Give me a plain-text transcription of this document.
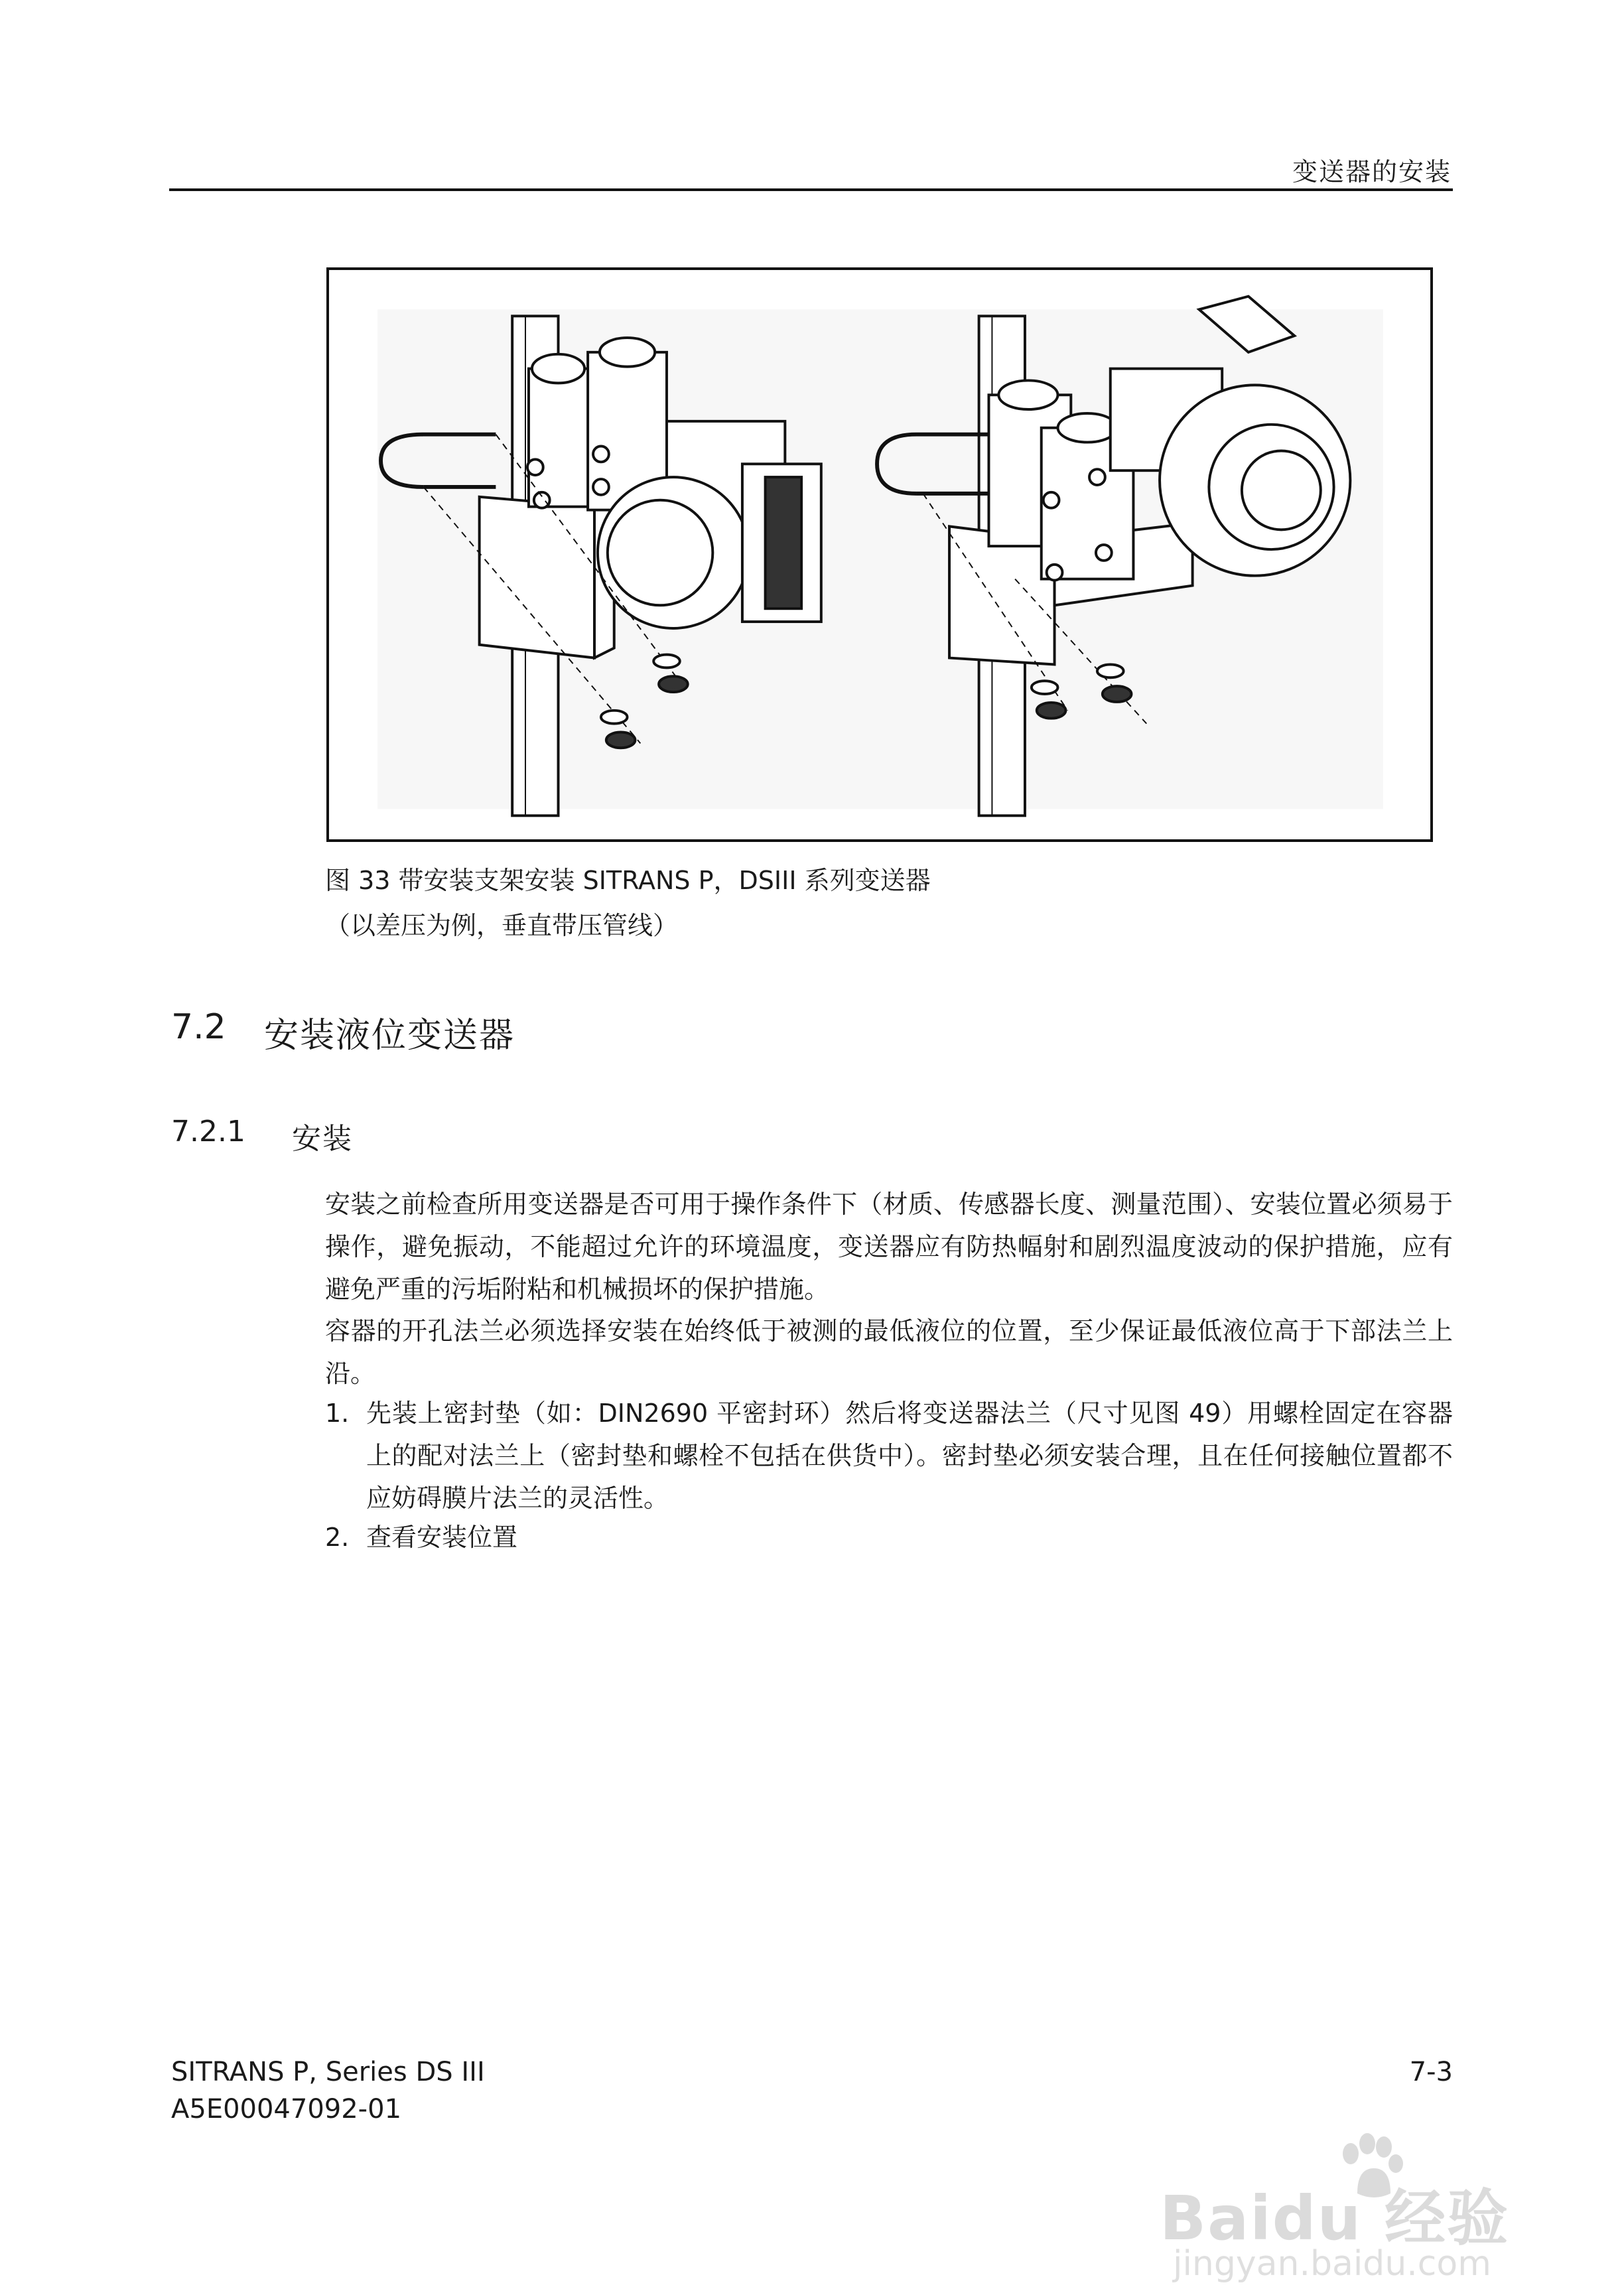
变送器的安装
图 33 带安装支架安装 SITRANS P，DSIII 系列变送器
（以差压为例，垂直带压管线）
7.2 安装液位变送器
7.2.1 安装

安装之前检查所用变送器是否可用于操作条件下（材质、传感器长度、测量范围）、安装位置必须易于操作，避免振动，不能超过允许的环境温度，变送器应有防热幅射和剧烈温度波动的保护措施，应有避免严重的污垢附粘和机械损坏的保护措施。

容器的开孔法兰必须选择安装在始终低于被测的最低液位的位置，至少保证最低液位高于下部法兰上沿。

1. 先装上密封垫（如：DIN2690 平密封环）然后将变送器法兰（尺寸见图 49）用螺栓固定在容器上的配对法兰上（密封垫和螺栓不包括在供货中）。密封垫必须安装合理，且在任何接触位置都不应妨碍膜片法兰的灵活性。

2. 查看安装位置

SITRANS P, Series DS III
A5E00047092-01
7-3
Baidu 经验
jingyan.baidu.com
